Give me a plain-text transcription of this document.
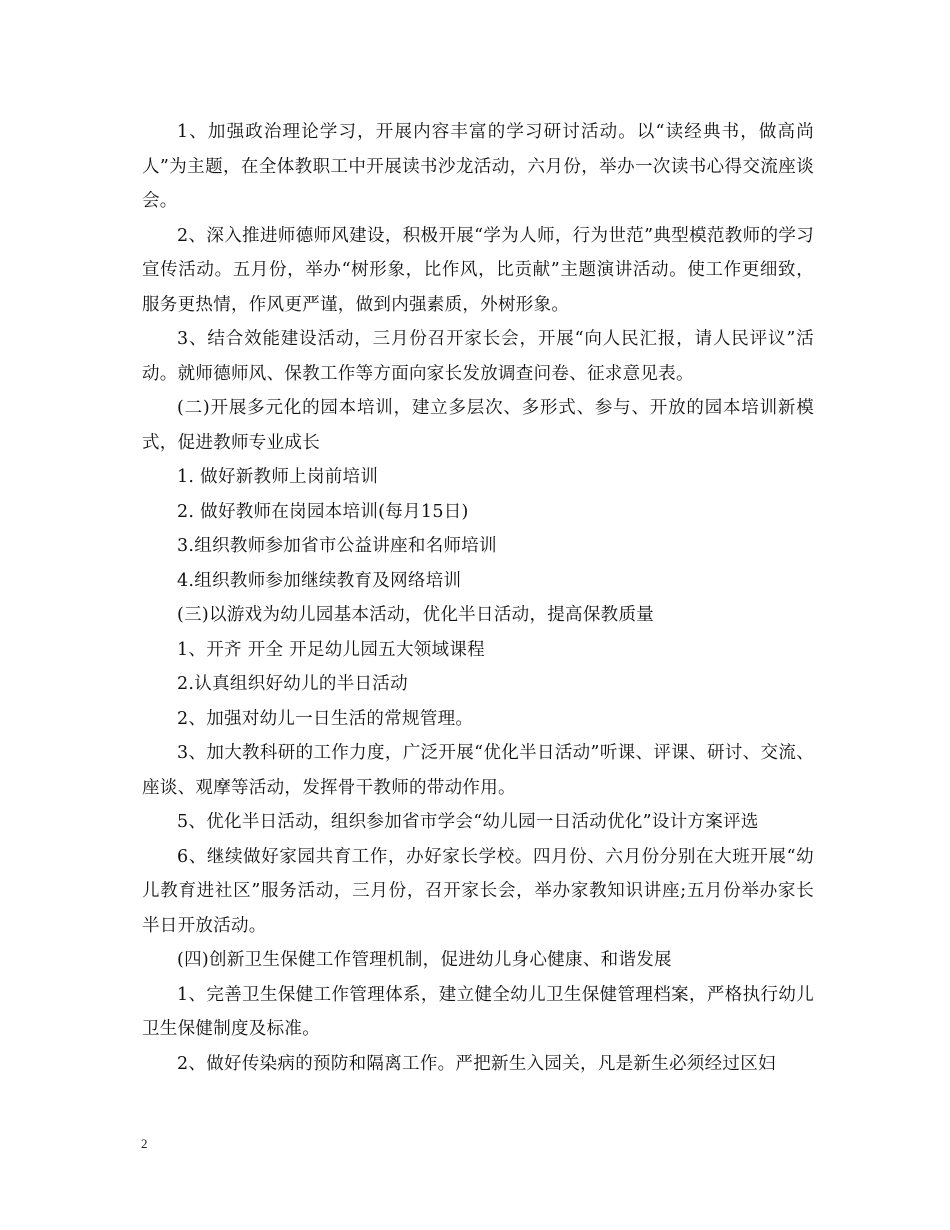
1、加强政治理论学习，开展内容丰富的学习研讨活动。以“读经典书，做高尚人”为主题，在全体教职工中开展读书沙龙活动，六月份，举办一次读书心得交流座谈会。

2、深入推进师德师风建设，积极开展“学为人师，行为世范”典型模范教师的学习宣传活动。五月份，举办“树形象，比作风，比贡献”主题演讲活动。使工作更细致，服务更热情，作风更严谨，做到内强素质，外树形象。

3、结合效能建设活动，三月份召开家长会，开展“向人民汇报，请人民评议”活动。就师德师风、保教工作等方面向家长发放调查问卷、征求意见表。

(二)开展多元化的园本培训，建立多层次、多形式、参与、开放的园本培训新模式，促进教师专业成长

1. 做好新教师上岗前培训

2. 做好教师在岗园本培训(每月15日)

3.组织教师参加省市公益讲座和名师培训

4.组织教师参加继续教育及网络培训

(三)以游戏为幼儿园基本活动，优化半日活动，提高保教质量

1、开齐 开全 开足幼儿园五大领域课程

2.认真组织好幼儿的半日活动

2、加强对幼儿一日生活的常规管理。

3、加大教科研的工作力度，广泛开展“优化半日活动”听课、评课、研讨、交流、座谈、观摩等活动，发挥骨干教师的带动作用。

5、优化半日活动，组织参加省市学会“幼儿园一日活动优化”设计方案评选

6、继续做好家园共育工作，办好家长学校。四月份、六月份分别在大班开展“幼儿教育进社区”服务活动，三月份，召开家长会，举办家教知识讲座;五月份举办家长半日开放活动。

(四)创新卫生保健工作管理机制，促进幼儿身心健康、和谐发展

1、完善卫生保健工作管理体系，建立健全幼儿卫生保健管理档案，严格执行幼儿卫生保健制度及标准。

2、做好传染病的预防和隔离工作。严把新生入园关，凡是新生必须经过区妇

2
